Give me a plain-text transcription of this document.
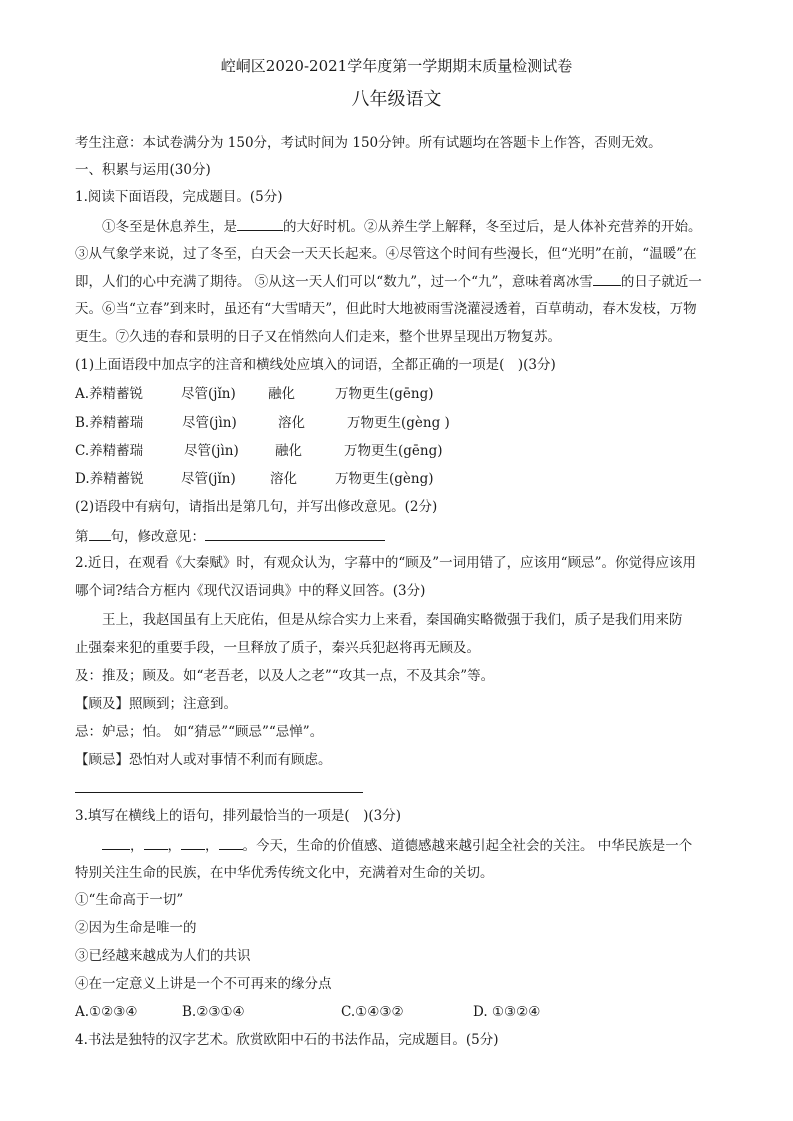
崆峒区2020-2021学年度第一学期期末质量检测试卷
八年级语文
考生注意：本试卷满分为 150分，考试时间为 150分钟。所有试题均在答题卡上作答，否则无效。
一、积累与运用(30分)
1.阅读下面语段，完成题目。(5分)
①冬至是休息养生，是	的大好时机。②从养生学上解释，冬至过后，是人体补充营养的开始。
③从气象学来说，过了冬至，白天会一天天长起来。④尽管这个时间有些漫长，但“光明”在前，“温暖”在
即，人们的心中充满了期待。 ⑤从这一天人们可以“数九”，过一个“九”，意味着离冰雪 的日子就近一
天。⑥当“立春”到来时，虽还有“大雪晴天”，但此时大地被雨雪浇灌浸透着，百草萌动，春木发枝，万物
更生。⑦久违的春和景明的日子又在悄然向人们走来，整个世界呈现出万物复苏。
(1)上面语段中加点字的注音和横线处应填入的词语，全都正确的一项是(　)(3分)
A.养精蓄锐	尽管(jǐn) 融化	万物更生(gēng)
B.养精蓄瑞	尽管(jìn)	溶化	万物更生(gèng )
C.养精蓄瑞	尽管(jìn)	融化	万物更生(gēng)
D.养精蓄锐	尽管(jǐn)	溶化	万物更生(gèng)
(2)语段中有病句，请指出是第几句，并写出修改意见。(2分)
第 句，修改意见：
2.近日，在观看《大秦赋》时，有观众认为，字幕中的“顾及”一词用错了，应该用“顾忌”。你觉得应该用
哪个词?结合方框内《现代汉语词典》中的释义回答。(3分)
王上，我赵国虽有上天庇佑，但是从综合实力上来看，秦国确实略微强于我们，质子是我们用来防
止强秦来犯的重要手段，一旦释放了质子，秦兴兵犯赵将再无顾及。
及：推及；顾及。如“老吾老，以及人之老”“攻其一点，不及其余”等。
【顾及】照顾到；注意到。
忌：妒忌；怕。 如“猜忌”“顾忌”“忌惮”。
【顾忌】恐怕对人或对事情不利而有顾虑。
3.填写在横线上的语句，排列最恰当的一项是(　)(3分)
， ， ， 。今天，生命的价值感、道德感越来越引起全社会的关注。 中华民族是一个
特别关注生命的民族，在中华优秀传统文化中，充满着对生命的关切。
①“生命高于一切”
②因为生命是唯一的
③已经越来越成为人们的共识
④在一定意义上讲是一个不可再来的缘分点
A.①②③④	B.②③①④	C.①④③②	D. ①③②④
4.书法是独特的汉字艺术。欣赏欧阳中石的书法作品，完成题目。(5分)
